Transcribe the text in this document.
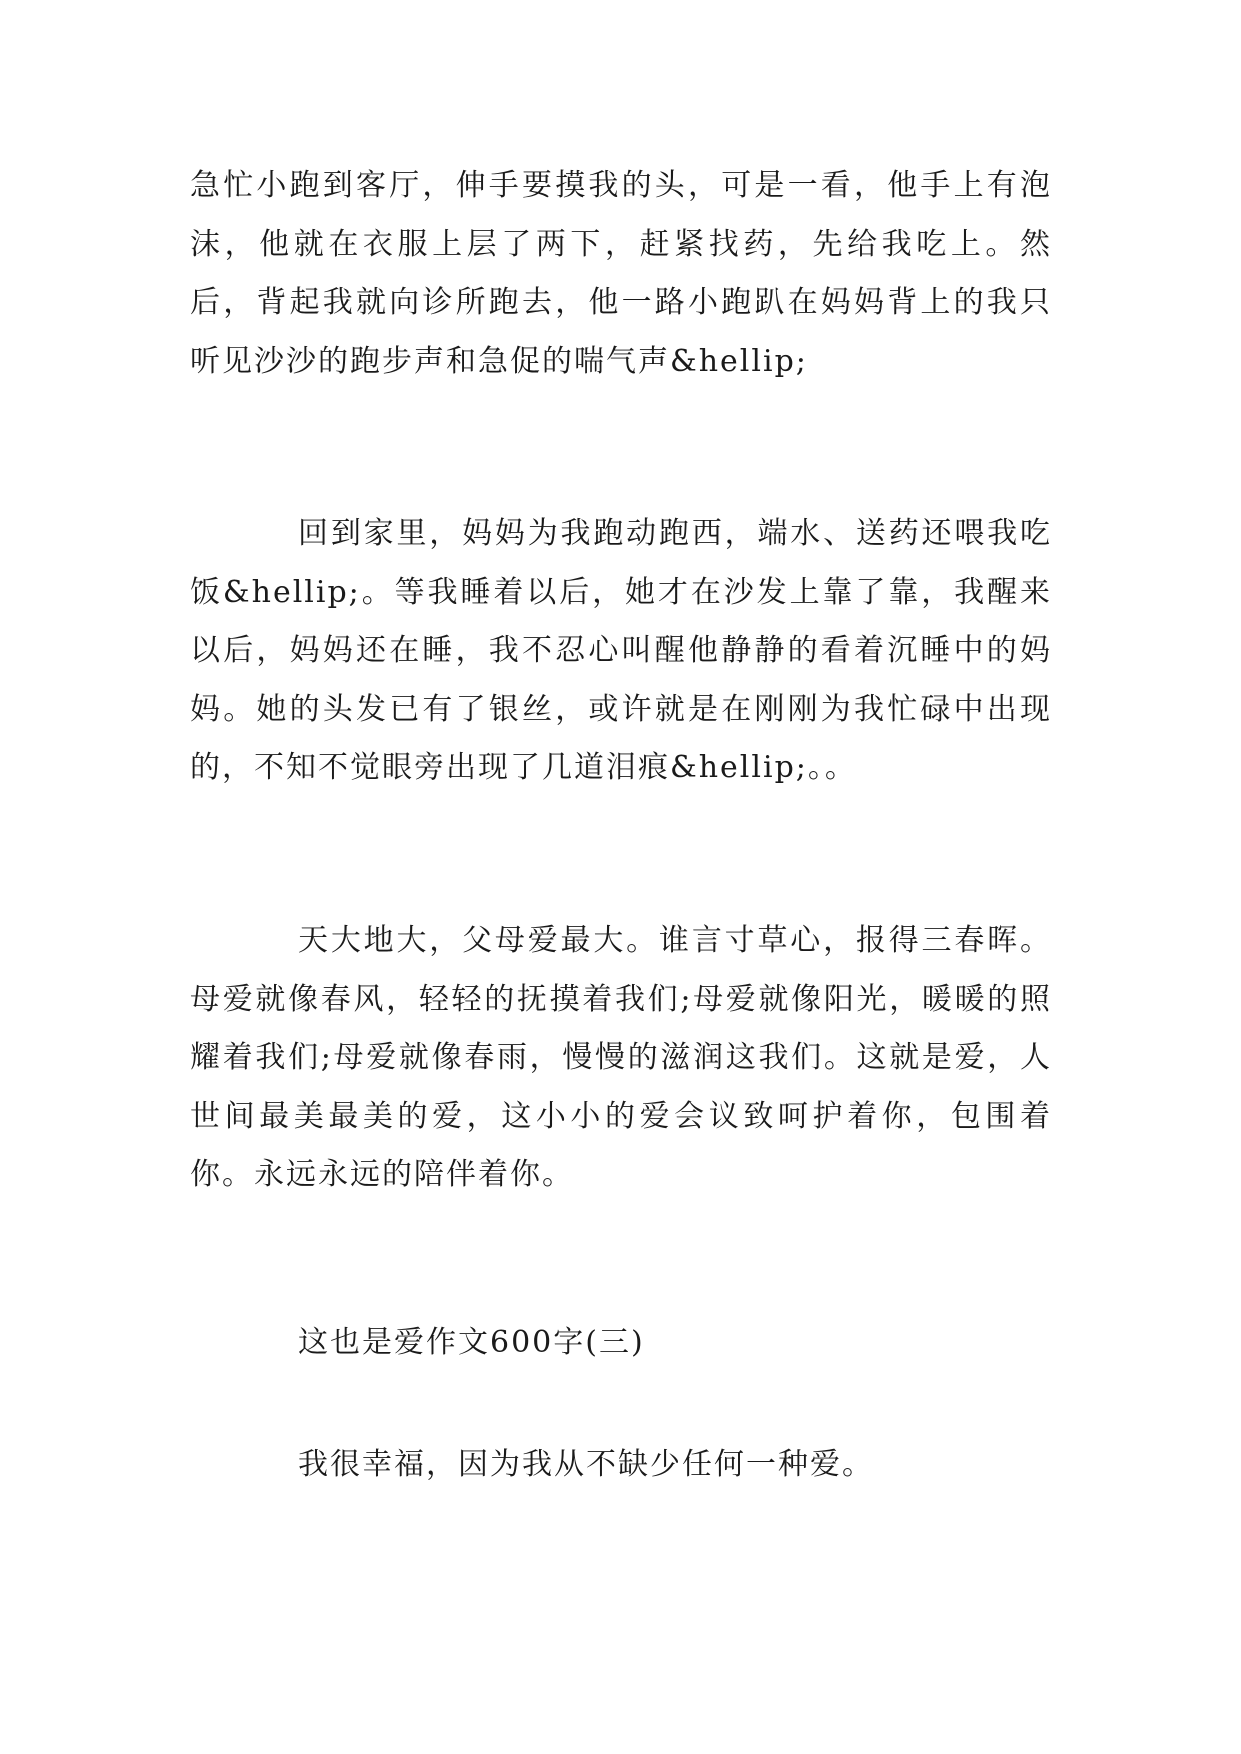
急忙小跑到客厅，伸手要摸我的头，可是一看，他手上有泡沫，他就在衣服上层了两下，赶紧找药，先给我吃上。然后，背起我就向诊所跑去，他一路小跑趴在妈妈背上的我只听见沙沙的跑步声和急促的喘气声&hellip;

回到家里，妈妈为我跑动跑西，端水、送药还喂我吃饭&hellip;。等我睡着以后，她才在沙发上靠了靠，我醒来以后，妈妈还在睡，我不忍心叫醒他静静的看着沉睡中的妈妈。她的头发已有了银丝，或许就是在刚刚为我忙碌中出现的，不知不觉眼旁出现了几道泪痕&hellip;。。

天大地大，父母爱最大。谁言寸草心，报得三春晖。母爱就像春风，轻轻的抚摸着我们;母爱就像阳光，暖暖的照耀着我们;母爱就像春雨，慢慢的滋润这我们。这就是爱，人世间最美最美的爱，这小小的爱会议致呵护着你，包围着你。永远永远的陪伴着你。

这也是爱作文600字(三)

我很幸福，因为我从不缺少任何一种爱。
